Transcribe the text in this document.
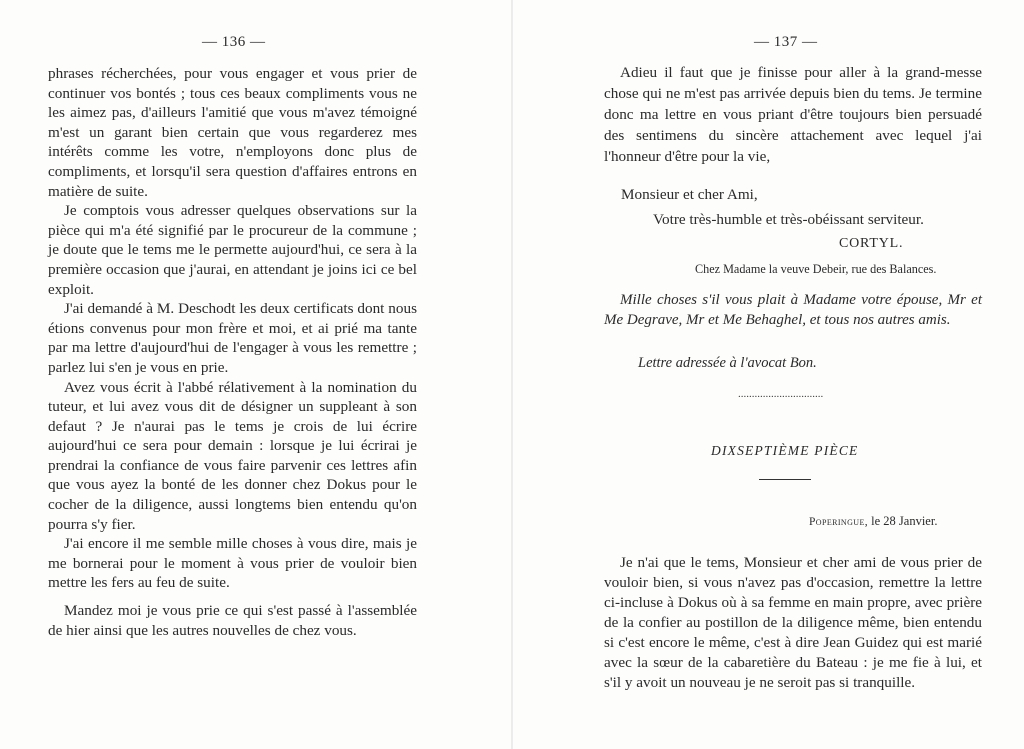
— 136 —

phrases récherchées, pour vous engager et vous prier de continuer vos bontés ; tous ces beaux compliments vous ne les aimez pas, d'ailleurs l'amitié que vous m'avez témoigné m'est un garant bien certain que vous regarderez mes intérêts comme les votre, n'employons donc plus de compliments, et lorsqu'il sera question d'affaires entrons en matière de suite.

Je comptois vous adresser quelques observations sur la pièce qui m'a été signifié par le procureur de la commune ; je doute que le tems me le permette aujourd'hui, ce sera à la première occasion que j'aurai, en attendant je joins ici ce bel exploit.

J'ai demandé à M. Deschodt les deux certificats dont nous étions convenus pour mon frère et moi, et ai prié ma tante par ma lettre d'aujourd'hui de l'engager à vous les remettre ; parlez lui s'en je vous en prie.

Avez vous écrit à l'abbé rélativement à la nomination du tuteur, et lui avez vous dit de désigner un suppleant à son defaut ? Je n'aurai pas le tems je crois de lui écrire aujourd'hui ce sera pour demain : lorsque je lui écrirai je prendrai la confiance de vous faire parvenir ces lettres afin que vous ayez la bonté de les donner chez Dokus pour le cocher de la diligence, aussi longtems bien entendu qu'on pourra s'y fier.

J'ai encore il me semble mille choses à vous dire, mais je me bornerai pour le moment à vous prier de vouloir bien mettre les fers au feu de suite.

Mandez moi je vous prie ce qui s'est passé à l'assemblée de hier ainsi que les autres nouvelles de chez vous.

— 137 —

Adieu il faut que je finisse pour aller à la grand-messe chose qui ne m'est pas arrivée depuis bien du tems. Je termine donc ma lettre en vous priant d'être toujours bien persuadé des sentimens du sincère attachement avec lequel j'ai l'honneur d'être pour la vie,

Monsieur et cher Ami,
Votre très-humble et très-obéissant serviteur.
CORTYL.
Chez Madame la veuve Debeir, rue des Balances.

Mille choses s'il vous plait à Madame votre épouse, Mr et Me Degrave, Mr et Me Behaghel, et tous nos autres amis.

Lettre adressée à l'avocat Bon.
...............................
DIXSEPTIÈME PIÈCE
Poperingue, le 28 Janvier.

Je n'ai que le tems, Monsieur et cher ami de vous prier de vouloir bien, si vous n'avez pas d'occasion, remettre la lettre ci-incluse à Dokus où à sa femme en main propre, avec prière de la confier au postillon de la diligence même, bien entendu si c'est encore le même, c'est à dire Jean Guidez qui est marié avec la sœur de la cabaretière du Bateau : je me fie à lui, et s'il y avoit un nouveau je ne seroit pas si tranquille.
